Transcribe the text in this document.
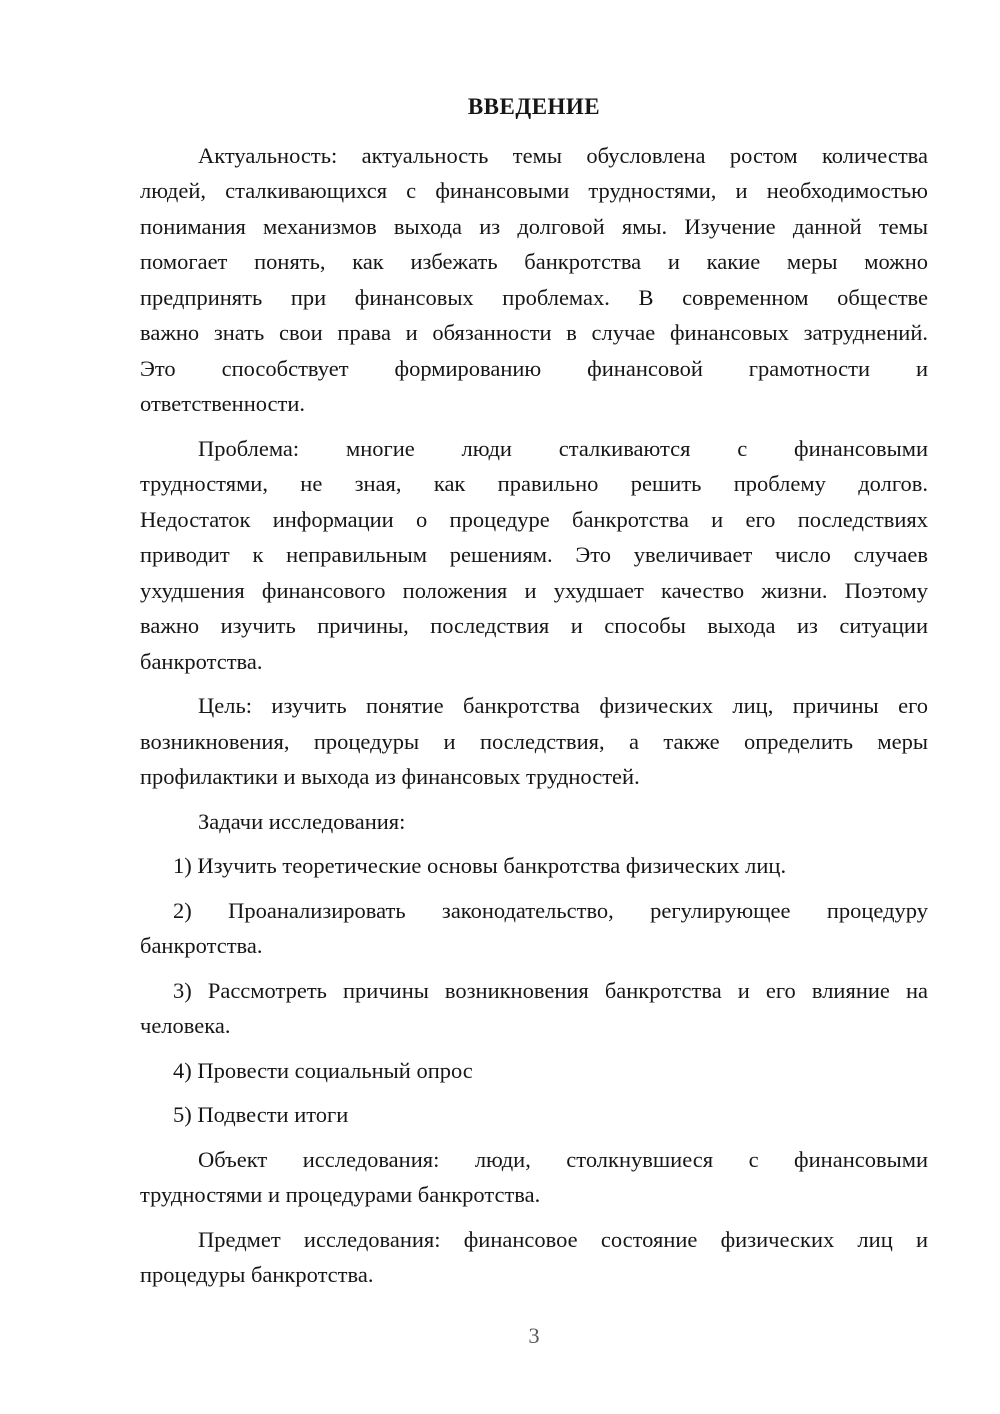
ВВЕДЕНИЕ
Актуальность: актуальность темы обусловлена ростом количества
людей, сталкивающихся с финансовыми трудностями, и необходимостью
понимания механизмов выхода из долговой ямы. Изучение данной темы
помогает понять, как избежать банкротства и какие меры можно
предпринять при финансовых проблемах. В современном обществе
важно знать свои права и обязанности в случае финансовых затруднений.
Это способствует формированию финансовой грамотности и
ответственности.
Проблема: многие люди сталкиваются с финансовыми
трудностями, не зная, как правильно решить проблему долгов.
Недостаток информации о процедуре банкротства и его последствиях
приводит к неправильным решениям. Это увеличивает число случаев
ухудшения финансового положения и ухудшает качество жизни. Поэтому
важно изучить причины, последствия и способы выхода из ситуации
банкротства.
Цель: изучить понятие банкротства физических лиц, причины его
возникновения, процедуры и последствия, а также определить меры
профилактики и выхода из финансовых трудностей.
Задачи исследования:
1) Изучить теоретические основы банкротства физических лиц.
2) Проанализировать законодательство, регулирующее процедуру
банкротства.
3) Рассмотреть причины возникновения банкротства и его влияние на
человека.
4) Провести социальный опрос
5) Подвести итоги
Объект исследования: люди, столкнувшиеся с финансовыми
трудностями и процедурами банкротства.
Предмет исследования: финансовое состояние физических лиц и
процедуры банкротства.
3
